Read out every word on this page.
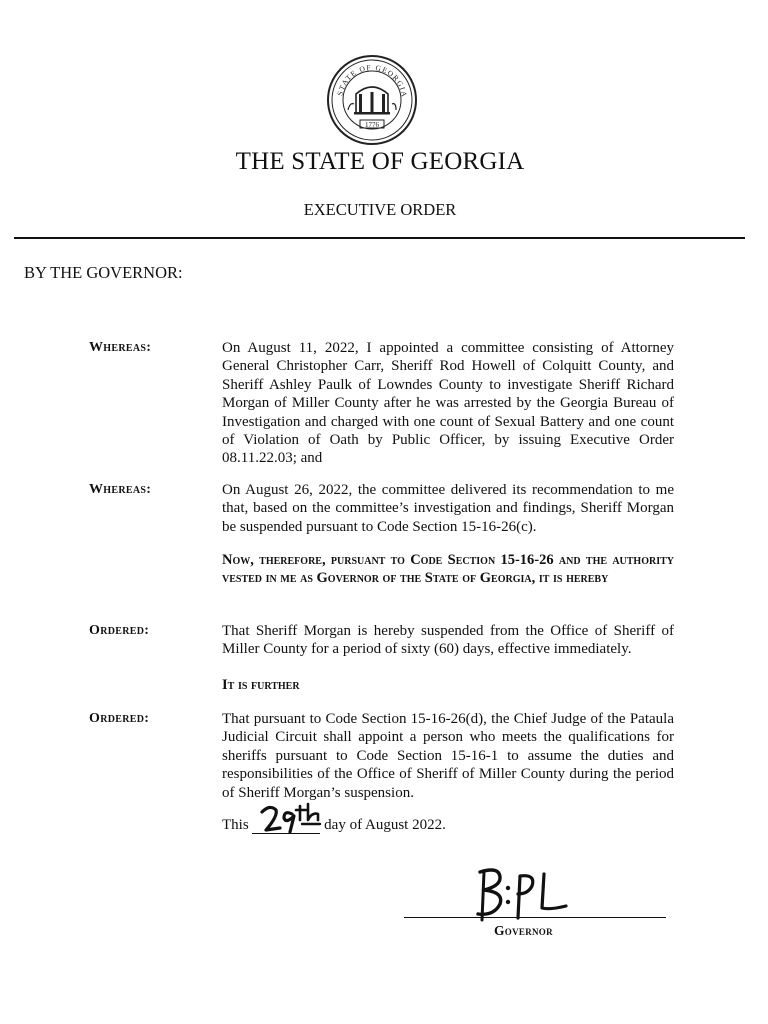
STATE OF GEORGIA
1776
THE STATE OF GEORGIA
EXECUTIVE ORDER
BY THE GOVERNOR:
Whereas:	On August 11, 2022, I appointed a committee consisting of Attorney General Christopher Carr, Sheriff Rod Howell of Colquitt County, and Sheriff Ashley Paulk of Lowndes County to investigate Sheriff Richard Morgan of Miller County after he was arrested by the Georgia Bureau of Investigation and charged with one count of Sexual Battery and one count of Violation of Oath by Public Officer, by issuing Executive Order 08.11.22.03; and
Whereas:	On August 26, 2022, the committee delivered its recommendation to me that, based on the committee’s investigation and findings, Sheriff Morgan be suspended pursuant to Code Section 15-16-26(c).
Now, therefore, pursuant to Code Section 15-16-26 and the authority vested in me as Governor of the State of Georgia, it is hereby
Ordered:	That Sheriff Morgan is hereby suspended from the Office of Sheriff of Miller County for a period of sixty (60) days, effective immediately.
It is further
Ordered:	That pursuant to Code Section 15-16-26(d), the Chief Judge of the Pataula Judicial Circuit shall appoint a person who meets the qualifications for sheriffs pursuant to Code Section 15-16-1 to assume the duties and responsibilities of the Office of Sheriff of Miller County during the period of Sheriff Morgan’s suspension.
This	day of August 2022.
Governor
